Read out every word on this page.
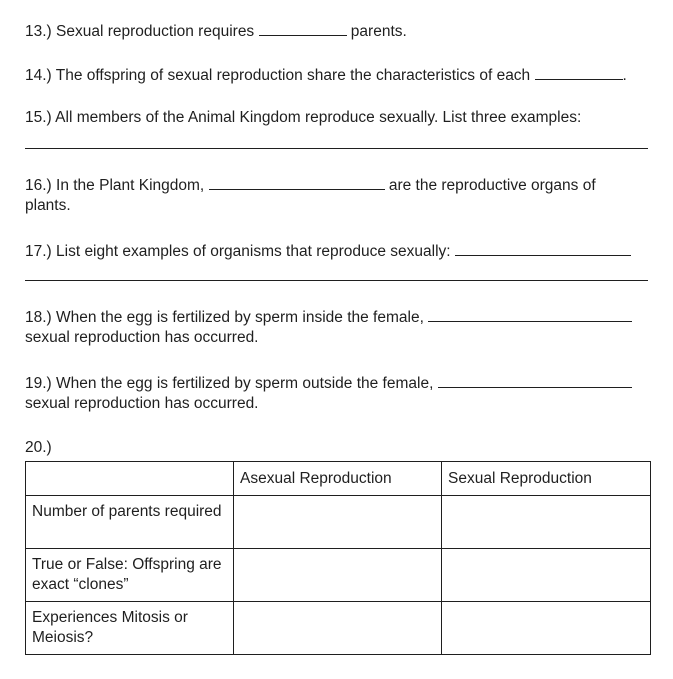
13.) Sexual reproduction requires	parents.

14.) The offspring of sexual reproduction share the characteristics of each	.

15.) All members of the Animal Kingdom reproduce sexually. List three examples:

16.) In the Plant Kingdom,	are the reproductive organs of

plants.

17.) List eight examples of organisms that reproduce sexually:

18.) When the egg is fertilized by sperm inside the female,

sexual reproduction has occurred.

19.) When the egg is fertilized by sperm outside the female,

sexual reproduction has occurred.

20.)

	Asexual Reproduction	Sexual Reproduction
Number of parents required		
True or False: Offspring are exact “clones”		
Experiences Mitosis or Meiosis?		
